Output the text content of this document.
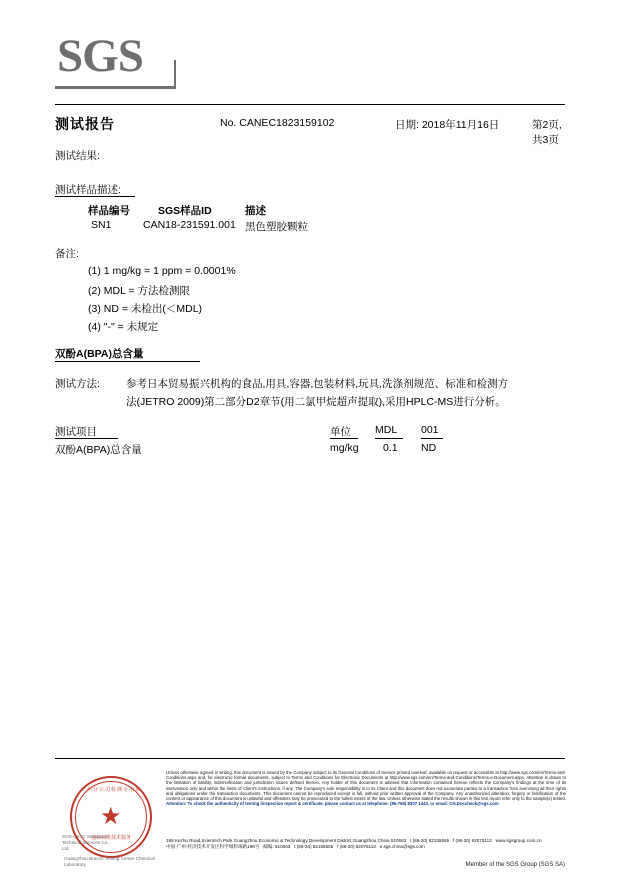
SGS
测试报告	No. CANEC1823159102	日期: 2018年11月16日	第2页,共3页
测试结果:
测试样品描述:
样品编号	SGS样品ID	描述
SN1	CAN18-231591.001 黑色塑胶颗粒
备注:
(1) 1 mg/kg = 1 ppm = 0.0001%
(2) MDL = 方法检测限
(3) ND = 未检出(＜MDL)
(4) "-" = 未规定
双酚A(BPA)总含量
测试方法: 参考日本贸易振兴机构的食品,用具,容器,包装材料,玩具,洗涤剂规范、标准和检测方
法(JETRO 2009)第二部分D2章节(用二氯甲烷超声提取),采用HPLC-MS进行分析。
测试项目	单位 MDL 001
双酚A(BPA)总含量	mg/kg 0.1 ND
广州分公司检测专用章
★
通标标准技术服务
SGS-CSTC Standards Technical Services Co., Ltd.
Guangzhou Branch Testing Center Chemical Laboratory
Unless otherwise agreed in writing, this document is issued by the Company subject to its General Conditions of Service printed overleaf, available on request or accessible at http://www.sgs.com/en/Terms-and-Conditions.aspx and, for electronic format documents, subject to Terms and Conditions for Electronic Documents at http://www.sgs.com/en/Terms-and-Conditions/Terms-e-Document.aspx. Attention is drawn to the limitation of liability, indemnification and jurisdiction issues defined therein. Any holder of this document is advised that information contained hereon reflects the Company's findings at the time of its intervention only and within the limits of Client's instructions, if any. The Company's sole responsibility is to its Client and this document does not exonerate parties to a transaction from exercising all their rights and obligations under the transaction documents. This document cannot be reproduced except in full, without prior written approval of the Company. Any unauthorized alteration, forgery or falsification of the content or appearance of this document is unlawful and offenders may be prosecuted to the fullest extent of the law. Unless otherwise stated the results shown in this test report refer only to the sample(s) tested. Attention: To check the authenticity of testing /inspection report & certificate, please contact us at telephone: (86-755) 8307 1443, or email: CN.Doccheck@sgs.com
198 Kezhu Road,Scientech Park Guangzhou Economic & Technology Development District,Guangzhou,China 510663 t (86-20) 82155555 f (86-20) 82075113 www.sgsgroup.com.cn
中国·广州·经济技术开发区科学城科珠路198号 邮编: 510663 t (86-20) 82155555 f (86-20) 82075113 e sgs.china@sgs.com
Member of the SGS Group (SGS SA)
